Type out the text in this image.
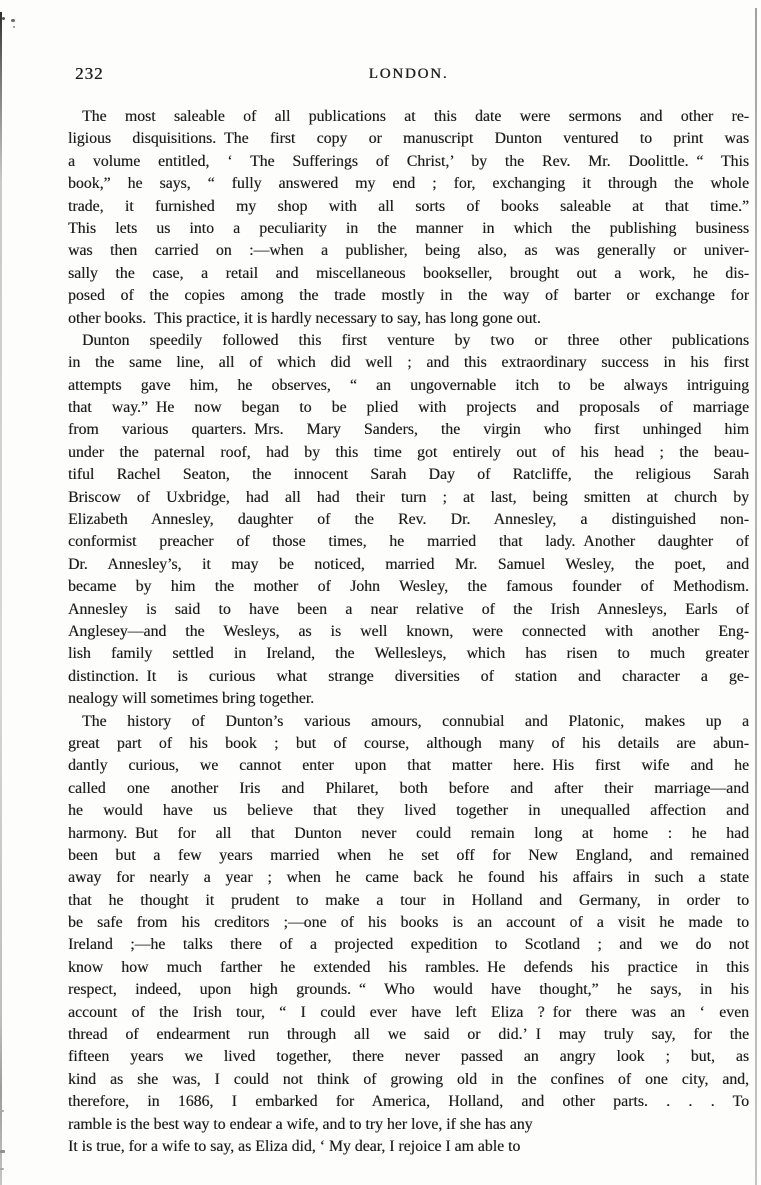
232	LONDON.
The most saleable of all publications at this date were sermons and other re-
ligious disquisitions. The first copy or manuscript Dunton ventured to print was
a volume entitled, ‘ The Sufferings of Christ,’ by the Rev. Mr. Doolittle. “ This
book,” he says, “ fully answered my end ; for, exchanging it through the whole
trade, it furnished my shop with all sorts of books saleable at that time.”
This lets us into a peculiarity in the manner in which the publishing business
was then carried on :—when a publisher, being also, as was generally or univer-
sally the case, a retail and miscellaneous bookseller, brought out a work, he dis-
posed of the copies among the trade mostly in the way of barter or exchange for
other books. This practice, it is hardly necessary to say, has long gone out.
Dunton speedily followed this first venture by two or three other publications
in the same line, all of which did well ; and this extraordinary success in his first
attempts gave him, he observes, “ an ungovernable itch to be always intriguing
that way.” He now began to be plied with projects and proposals of marriage
from various quarters. Mrs. Mary Sanders, the virgin who first unhinged him
under the paternal roof, had by this time got entirely out of his head ; the beau-
tiful Rachel Seaton, the innocent Sarah Day of Ratcliffe, the religious Sarah
Briscow of Uxbridge, had all had their turn ; at last, being smitten at church by
Elizabeth Annesley, daughter of the Rev. Dr. Annesley, a distinguished non-
conformist preacher of those times, he married that lady. Another daughter of
Dr. Annesley’s, it may be noticed, married Mr. Samuel Wesley, the poet, and
became by him the mother of John Wesley, the famous founder of Methodism.
Annesley is said to have been a near relative of the Irish Annesleys, Earls of
Anglesey—and the Wesleys, as is well known, were connected with another Eng-
lish family settled in Ireland, the Wellesleys, which has risen to much greater
distinction. It is curious what strange diversities of station and character a ge-
nealogy will sometimes bring together.
The history of Dunton’s various amours, connubial and Platonic, makes up a
great part of his book ; but of course, although many of his details are abun-
dantly curious, we cannot enter upon that matter here. His first wife and he
called one another Iris and Philaret, both before and after their marriage—and
he would have us believe that they lived together in unequalled affection and
harmony. But for all that Dunton never could remain long at home : he had
been but a few years married when he set off for New England, and remained
away for nearly a year ; when he came back he found his affairs in such a state
that he thought it prudent to make a tour in Holland and Germany, in order to
be safe from his creditors ;—one of his books is an account of a visit he made to
Ireland ;—he talks there of a projected expedition to Scotland ; and we do not
know how much farther he extended his rambles. He defends his practice in this
respect, indeed, upon high grounds. “ Who would have thought,” he says, in his
account of the Irish tour, “ I could ever have left Eliza ? for there was an ‘ even
thread of endearment run through all we said or did.’ I may truly say, for the
fifteen years we lived together, there never passed an angry look ; but, as
kind as she was, I could not think of growing old in the confines of one city, and,
therefore, in 1686, I embarked for America, Holland, and other parts. . . . To
ramble is the best way to endear a wife, and to try her love, if she has any
It is true, for a wife to say, as Eliza did, ‘ My dear, I rejoice I am able to
